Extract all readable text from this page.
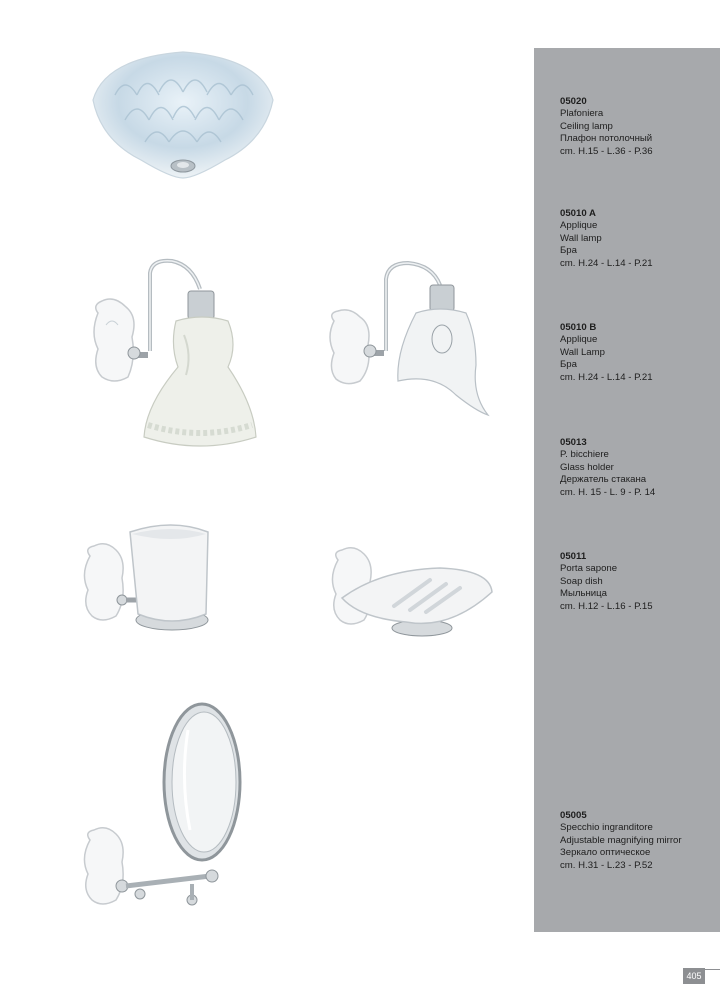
05020
Plafoniera
Ceiling lamp
Плафон потолочный
cm. H.15 - L.36 - P.36
05010 A
Applique
Wall lamp
Бра
cm. H.24 - L.14 - P.21
05010 B
Applique
Wall Lamp
Бра
cm. H.24 - L.14 - P.21
05013
P. bicchiere
Glass holder
Держатель стакана
cm. H. 15 - L. 9 - P. 14
05011
Porta sapone
Soap dish
Мыльница
cm. H.12 - L.16 - P.15
05005
Specchio ingranditore
Adjustable magnifying mirror
Зеркало оптическое
cm. H.31 - L.23 - P.52
405
